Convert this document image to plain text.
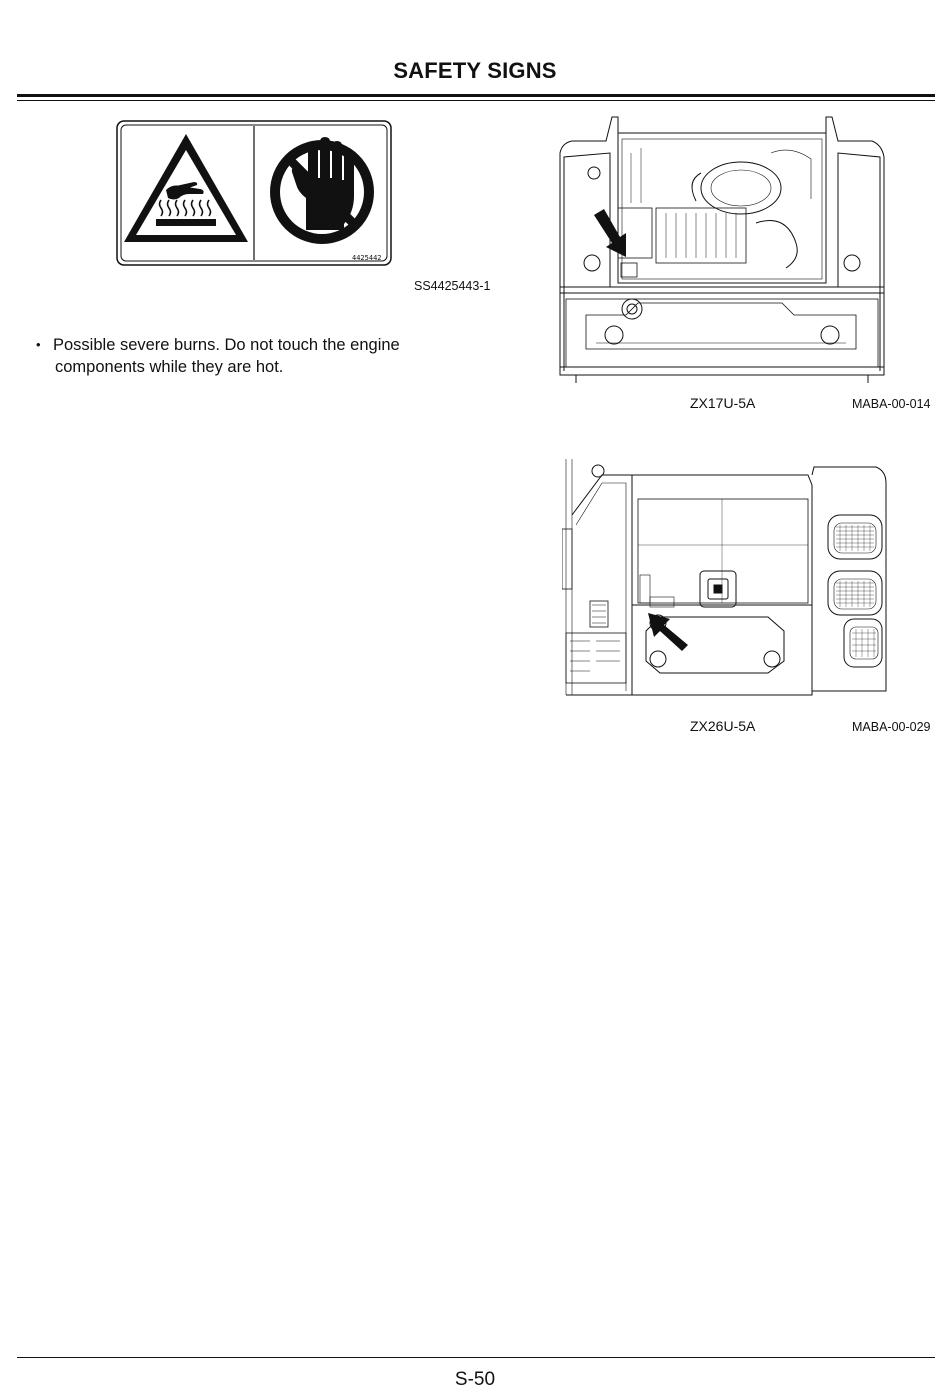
SAFETY SIGNS
4425442
SS4425443-1
• Possible severe burns. Do not touch the engine
components while they are hot.
ZX17U-5A	MABA-00-014
ZX26U-5A	MABA-00-029
S-50
